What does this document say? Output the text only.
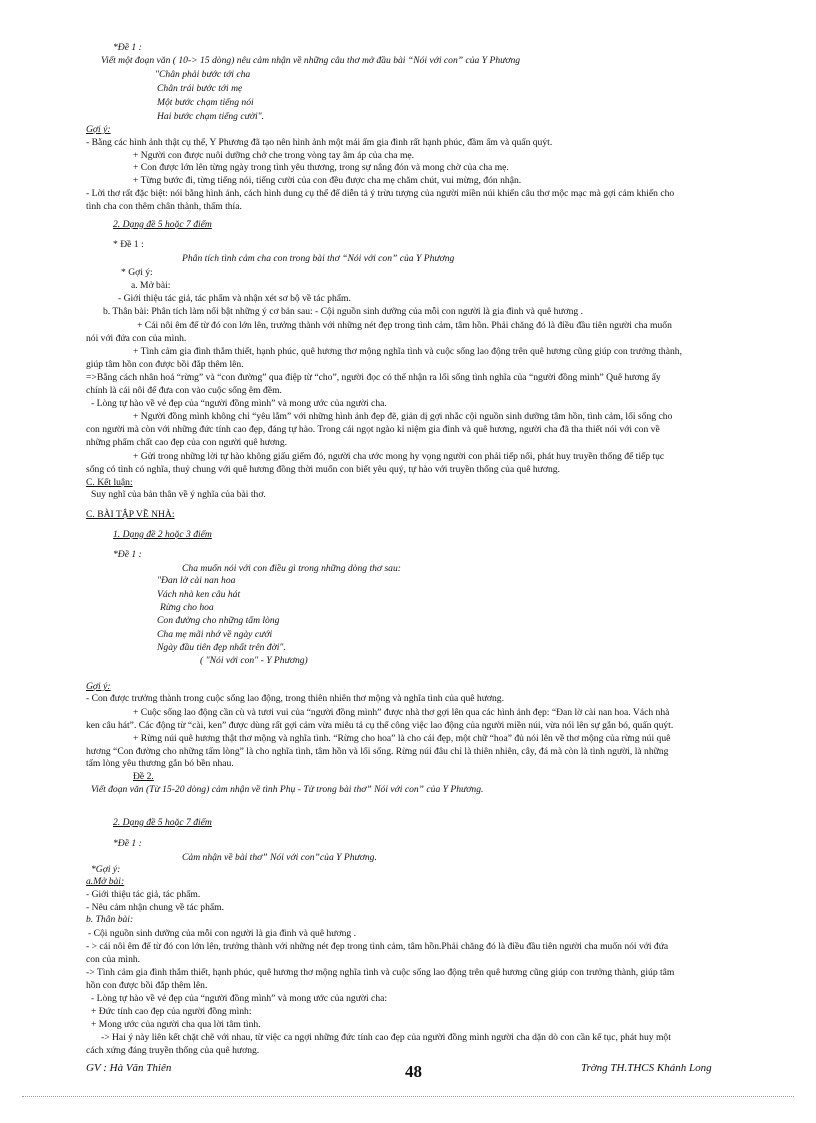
*Đề 1 :
Viết một đoạn văn ( 10-> 15 dòng) nêu cảm nhận về những câu thơ mở đầu bài “Nói với con” của Y Phương
"Chân phải bước tới cha
Chân trái bước tới mẹ
Một bước chạm tiếng nói
Hai bước chạm tiếng cười".
Gợi ý:
- Bằng các hình ảnh thật cụ thể, Y Phương đã tạo nên hình ảnh một mái ấm gia đình rất hạnh phúc, đầm ấm và quấn quýt.
+ Người con được nuôi dưỡng chở che trong vòng tay âm áp của cha mẹ.
+ Con được lớn lên từng ngày trong tình yêu thương, trong sự nâng đón và mong chờ của cha mẹ.
+ Từng bước đi, từng tiếng nói, tiếng cười của con đều được cha mẹ chăm chút, vui mừng, đón nhận.
- Lời thơ rất đặc biệt: nói bằng hình ảnh, cách hình dung cụ thể để diễn tả ý trừu tượng của người miền núi khiến câu thơ mộc mạc mà gợi cảm khiến cho
tình cha con thêm chân thành, thấm thía.
2. Dạng đề 5 hoặc 7 điểm
* Đề 1 :
Phân tích tình cảm cha con trong bài thơ “Nói với con” của Y Phương
* Gợi ý:
a. Mở bài:
- Giới thiệu tác giả, tác phẩm và nhận xét sơ bộ về tác phẩm.
b. Thân bài: Phân tích làm nổi bật những ý cơ bản sau: - Cội nguồn sinh dưỡng của mỗi con người là gia đình và quê hương .
+ Cái nôi êm để từ đó con lớn lên, trưởng thành với những nét đẹp trong tình cảm, tâm hồn. Phải chăng đó là điều đầu tiên người cha muốn
nói với đứa con của mình.
+ Tình cảm gia đình thắm thiết, hạnh phúc, quê hương thơ mộng nghĩa tình và cuộc sống lao động trên quê hương cũng giúp con trưởng thành,
giúp tâm hồn con được bồi đắp thêm lên.
=>Bằng cách nhân hoá “rừng” và “con đường” qua điệp từ “cho”, người đọc có thể nhận ra lối sống tình nghĩa của “người đồng mình” Quê hương ấy
chính là cái nôi để đưa con vào cuộc sống êm đềm.
- Lòng tự hào về vẻ đẹp của “người đồng mình” và mong ước của người cha.
+ Người đồng mình không chỉ “yêu lắm” với những hình ảnh đẹp đẽ, giản dị gợi nhắc cội nguồn sinh dưỡng tâm hồn, tình cảm, lối sống cho
con người mà còn với những đức tính cao đẹp, đáng tự hào. Trong cái ngọt ngào kỉ niệm gia đình và quê hương, người cha đã tha thiết nói với con về
những phẩm chất cao đẹp của con người quê hương.
+ Gửi trong những lời tự hào không giấu giếm đó, người cha ước mong hy vọng người con phải tiếp nối, phát huy truyền thống để tiếp tục
sống có tình có nghĩa, thuỷ chung với quê hương đồng thời muốn con biết yêu quý, tự hào với truyền thống của quê hương.
C. Kết luận:
Suy nghĩ của bản thân về ý nghĩa của bài thơ.
C. BÀI TẬP VỀ NHÀ:
1. Dạng đề 2 hoặc 3 điểm
*Đề 1 :
Cha muốn nói với con điều gì trong những dòng thơ sau:
"Đan lờ cài nan hoa
Vách nhà ken câu hát
Rừng cho hoa
Con đường cho những tấm lòng
Cha mẹ mãi nhớ về ngày cưới
Ngày đầu tiên đẹp nhất trên đời".
( "Nói với con" - Y Phương)
Gợi ý:
- Con được trưởng thành trong cuộc sống lao động, trong thiên nhiên thơ mộng và nghĩa tình của quê hương.
+ Cuộc sống lao động cần cù và tươi vui của “người đồng mình” được nhà thơ gợi lên qua các hình ảnh đẹp: “Đan lờ cài nan hoa. Vách nhà
ken câu hát”. Các động từ “cài, ken” được dùng rất gợi cảm vừa miêu tả cụ thể công việc lao động của người miền núi, vừa nói lên sự gắn bó, quấn quýt.
+ Rừng núi quê hương thật thơ mộng và nghĩa tình. “Rừng cho hoa” là cho cái đẹp, một chữ “hoa” đủ nói lên về thơ mộng của rừng núi quê
hương “Con đường cho những tấm lòng” là cho nghĩa tình, tâm hồn và lối sống. Rừng núi đâu chỉ là thiên nhiên, cây, đá mà còn là tình người, là những
tấm lòng yêu thương gắn bó bền nhau.
Đề 2.
Viết đoạn văn (Từ 15-20 dòng) cảm nhận về tình Phụ - Tử trong bài thơ” Nói với con” của Y Phương.
2. Dạng đề 5 hoặc 7 điểm
*Đề 1 :
Cảm nhận về bài thơ” Nói với con”của Y Phương.
*Gợi ý:
a.Mở bài:
- Giới thiệu tác giả, tác phẩm.
- Nêu cảm nhận chung về tác phẩm.
b. Thân bài:
- Cội nguồn sinh dưỡng của mỗi con người là gia đình và quê hương .
- > cái nôi êm để từ đó con lớn lên, trưởng thành với những nét đẹp trong tình cảm, tâm hồn.Phải chăng đó là điều đầu tiên người cha muốn nói với đứa
con của mình.
-> Tình cảm gia đình thắm thiết, hạnh phúc, quê hương thơ mộng nghĩa tình và cuộc sống lao động trên quê hương cũng giúp con trưởng thành, giúp tâm
hồn con được bồi đắp thêm lên.
- Lòng tự hào về vẻ đẹp của “người đồng mình” và mong ước của người cha:
+ Đức tính cao đẹp của người đồng mình:
+ Mong ước của người cha qua lời tâm tình.
-> Hai ý này liên kết chặt chẽ với nhau, từ việc ca ngợi những đức tính cao đẹp của người đồng mình người cha dặn dò con cần kế tục, phát huy một
cách xứng đáng truyền thống của quê hương.
GV : Hà Văn Thiên	48	Trờng TH.THCS Khánh Long
